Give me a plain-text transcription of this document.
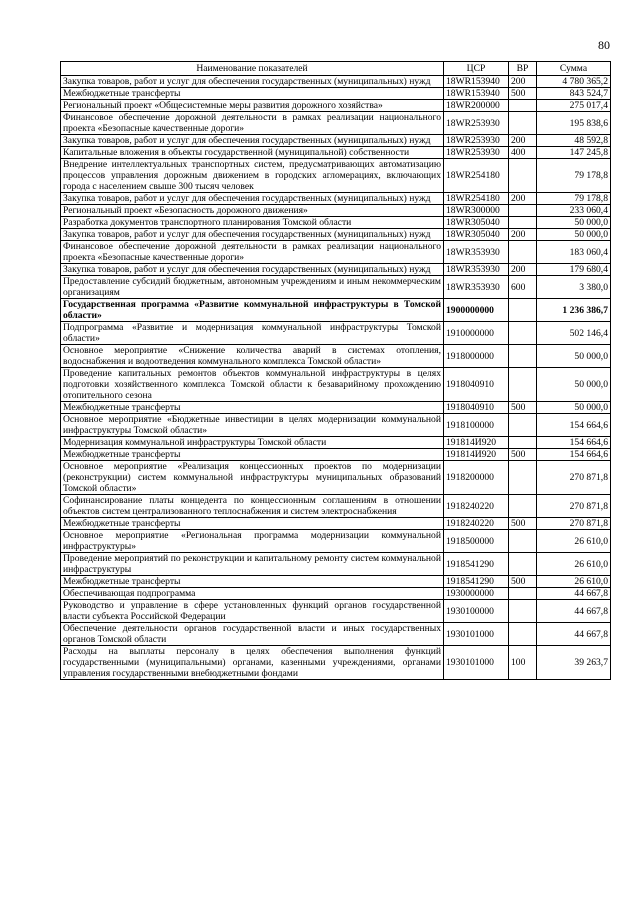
80
Наименование показателей	ЦСР	ВР	Сумма
Закупка товаров, работ и услуг для обеспечения государственных (муниципальных) нужд	18WR153940	200	4 780 365,2
Межбюджетные трансферты	18WR153940	500	843 524,7
Региональный проект «Общесистемные меры развития дорожного хозяйства»	18WR200000		275 017,4
Финансовое обеспечение дорожной деятельности в рамках реализации национального проекта «Безопасные качественные дороги»	18WR253930		195 838,6
Закупка товаров, работ и услуг для обеспечения государственных (муниципальных) нужд	18WR253930	200	48 592,8
Капитальные вложения в объекты государственной (муниципальной) собственности	18WR253930	400	147 245,8
Внедрение интеллектуальных транспортных систем, предусматривающих автоматизацию процессов управления дорожным движением в городских агломерациях, включающих города с населением свыше 300 тысяч человек	18WR254180		79 178,8
Закупка товаров, работ и услуг для обеспечения государственных (муниципальных) нужд	18WR254180	200	79 178,8
Региональный проект «Безопасность дорожного движения»	18WR300000		233 060,4
Разработка документов транспортного планирования Томской области	18WR305040		50 000,0
Закупка товаров, работ и услуг для обеспечения государственных (муниципальных) нужд	18WR305040	200	50 000,0
Финансовое обеспечение дорожной деятельности в рамках реализации национального проекта «Безопасные качественные дороги»	18WR353930		183 060,4
Закупка товаров, работ и услуг для обеспечения государственных (муниципальных) нужд	18WR353930	200	179 680,4
Предоставление субсидий бюджетным, автономным учреждениям и иным некоммерческим организациям	18WR353930	600	3 380,0
Государственная программа «Развитие коммунальной инфраструктуры в Томской области»	1900000000		1 236 386,7
Подпрограмма «Развитие и модернизация коммунальной инфраструктуры Томской области»	1910000000		502 146,4
Основное мероприятие «Снижение количества аварий в системах отопления, водоснабжения и водоотведения коммунального комплекса Томской области»	1918000000		50 000,0
Проведение капитальных ремонтов объектов коммунальной инфраструктуры в целях подготовки хозяйственного комплекса Томской области к безаварийному прохождению отопительного сезона	1918040910		50 000,0
Межбюджетные трансферты	1918040910	500	50 000,0
Основное мероприятие «Бюджетные инвестиции в целях модернизации коммунальной инфраструктуры Томской области»	1918100000		154 664,6
Модернизация коммунальной инфраструктуры Томской области	191814И920		154 664,6
Межбюджетные трансферты	191814И920	500	154 664,6
Основное мероприятие «Реализация концессионных проектов по модернизации (реконструкции) систем коммунальной инфраструктуры муниципальных образований Томской области»	1918200000		270 871,8
Софинансирование платы концедента по концессионным соглашениям в отношении объектов систем централизованного теплоснабжения и систем электроснабжения	1918240220		270 871,8
Межбюджетные трансферты	1918240220	500	270 871,8
Основное мероприятие «Региональная программа модернизации коммунальной инфраструктуры»	1918500000		26 610,0
Проведение мероприятий по реконструкции и капитальному ремонту систем коммунальной инфраструктуры	1918541290		26 610,0
Межбюджетные трансферты	1918541290	500	26 610,0
Обеспечивающая подпрограмма	1930000000		44 667,8
Руководство и управление в сфере установленных функций органов государственной власти субъекта Российской Федерации	1930100000		44 667,8
Обеспечение деятельности органов государственной власти и иных государственных органов Томской области	1930101000		44 667,8
Расходы на выплаты персоналу в целях обеспечения выполнения функций государственными (муниципальными) органами, казенными учреждениями, органами управления государственными внебюджетными фондами	1930101000	100	39 263,7
